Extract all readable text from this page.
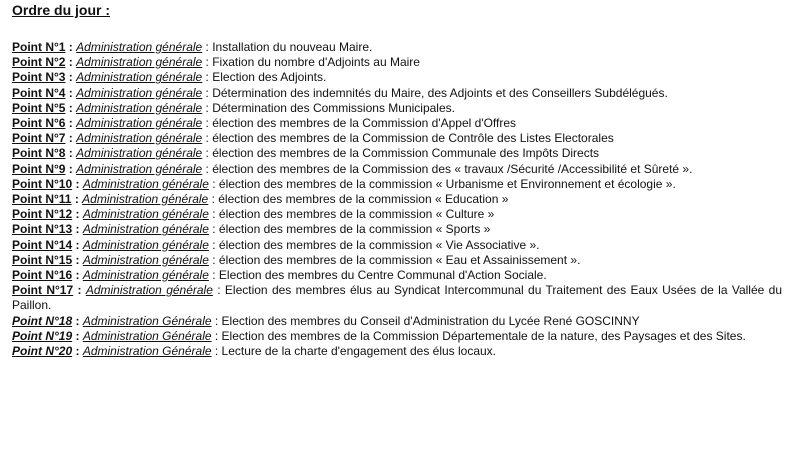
Ordre du jour :
Point N°1 : Administration générale : Installation du nouveau Maire.
Point N°2 : Administration générale : Fixation du nombre d'Adjoints au Maire
Point N°3 : Administration générale : Election des Adjoints.
Point N°4 : Administration générale : Détermination des indemnités du Maire, des Adjoints et des Conseillers Subdélégués.
Point N°5 : Administration générale : Détermination des Commissions Municipales.
Point N°6 : Administration générale : élection des membres de la Commission d'Appel d'Offres
Point N°7 : Administration générale : élection des membres de la Commission de Contrôle des Listes Electorales
Point N°8 : Administration générale : élection des membres de la Commission Communale des Impôts Directs
Point N°9 : Administration générale : élection des membres de la Commission des « travaux /Sécurité /Accessibilité et Sûreté ».
Point N°10 : Administration générale : élection des membres de la commission « Urbanisme et Environnement et écologie ».
Point N°11 : Administration générale : élection des membres de la commission « Education »
Point N°12 : Administration générale : élection des membres de la commission « Culture »
Point N°13 : Administration générale : élection des membres de la commission « Sports »
Point N°14 : Administration générale : élection des membres de la commission « Vie Associative ».
Point N°15 : Administration générale : élection des membres de la commission « Eau et Assainissement ».
Point N°16 : Administration générale : Election des membres du Centre Communal d'Action Sociale.
Point N°17 : Administration générale : Election des membres élus au Syndicat Intercommunal du Traitement des Eaux Usées de la Vallée du Paillon.
Point N°18 : Administration Générale : Election des membres du Conseil d'Administration du Lycée René GOSCINNY
Point N°19 : Administration Générale : Election des membres de la Commission Départementale de la nature, des Paysages et des Sites.
Point N°20 : Administration Générale : Lecture de la charte d'engagement des élus locaux.
